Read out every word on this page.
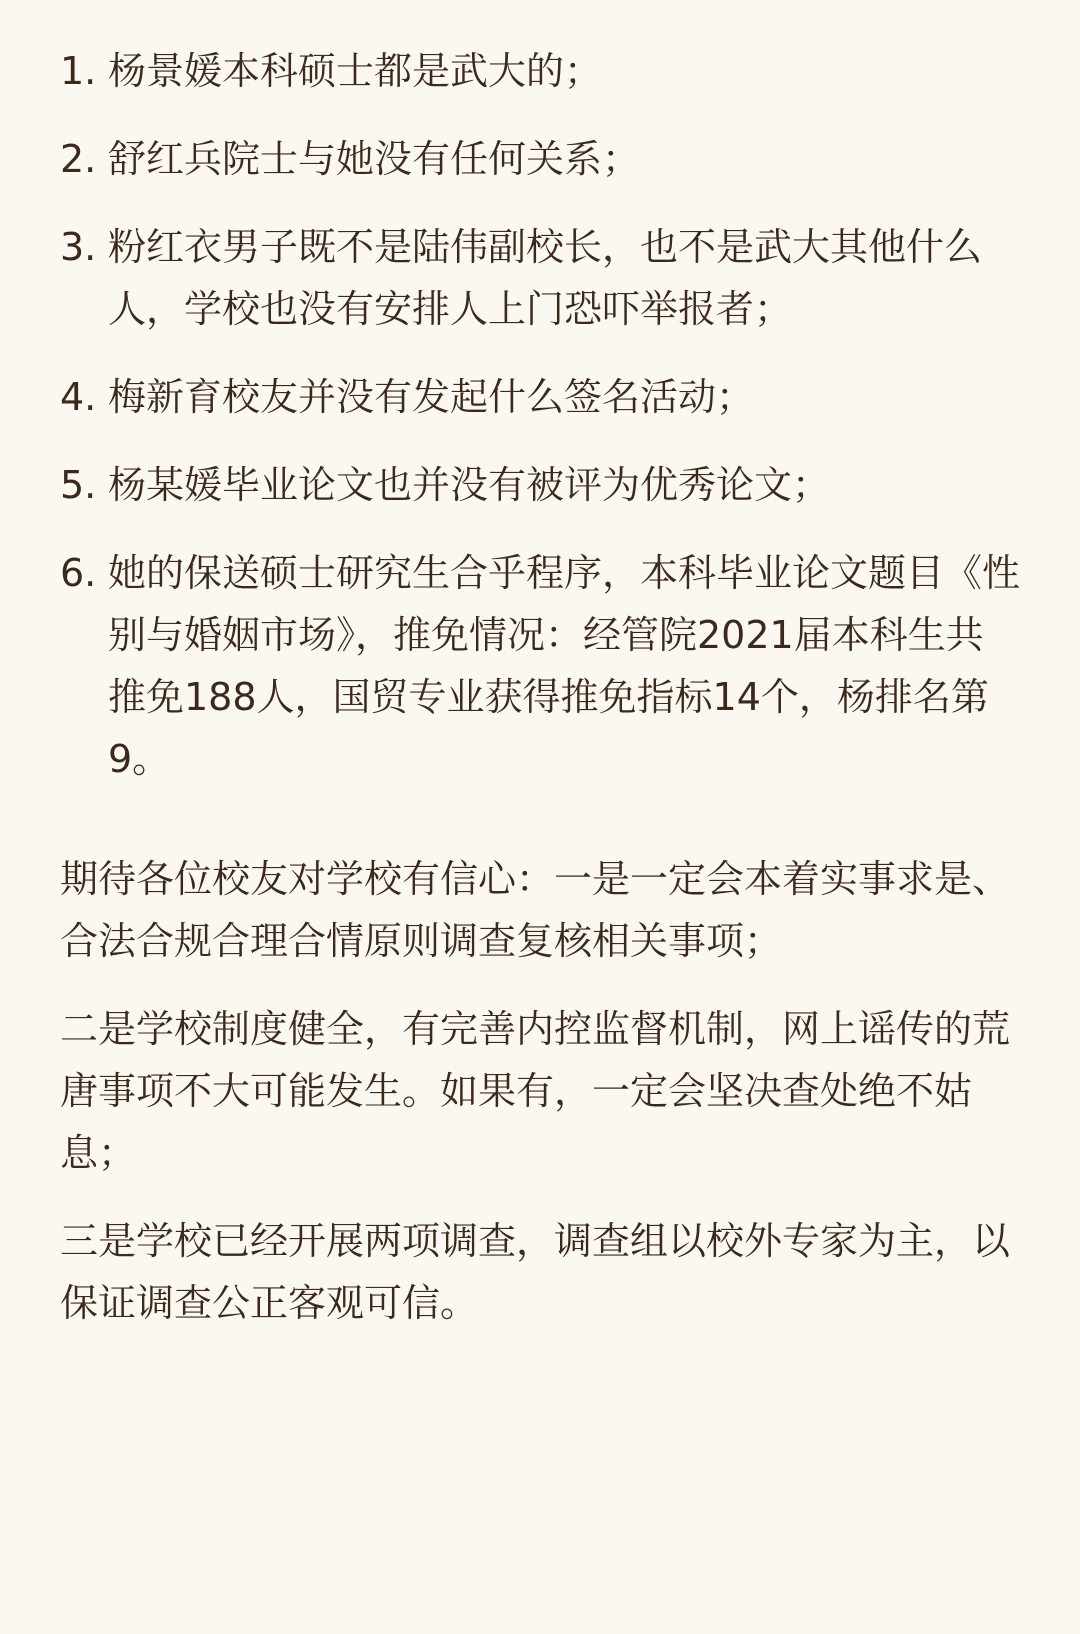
1. 杨景媛本科硕士都是武大的；
2. 舒红兵院士与她没有任何关系；
3. 粉红衣男子既不是陆伟副校长，也不是武大其他什么人，学校也没有安排人上门恐吓举报者；
4. 梅新育校友并没有发起什么签名活动；
5. 杨某媛毕业论文也并没有被评为优秀论文；
6. 她的保送硕士研究生合乎程序，本科毕业论文题目《性别与婚姻市场》，推免情况：经管院2021届本科生共推免188人，国贸专业获得推免指标14个，杨排名第9。

期待各位校友对学校有信心：一是一定会本着实事求是、合法合规合理合情原则调查复核相关事项；

二是学校制度健全，有完善内控监督机制，网上谣传的荒唐事项不大可能发生。如果有，一定会坚决查处绝不姑息；

三是学校已经开展两项调查，调查组以校外专家为主，以保证调查公正客观可信。
